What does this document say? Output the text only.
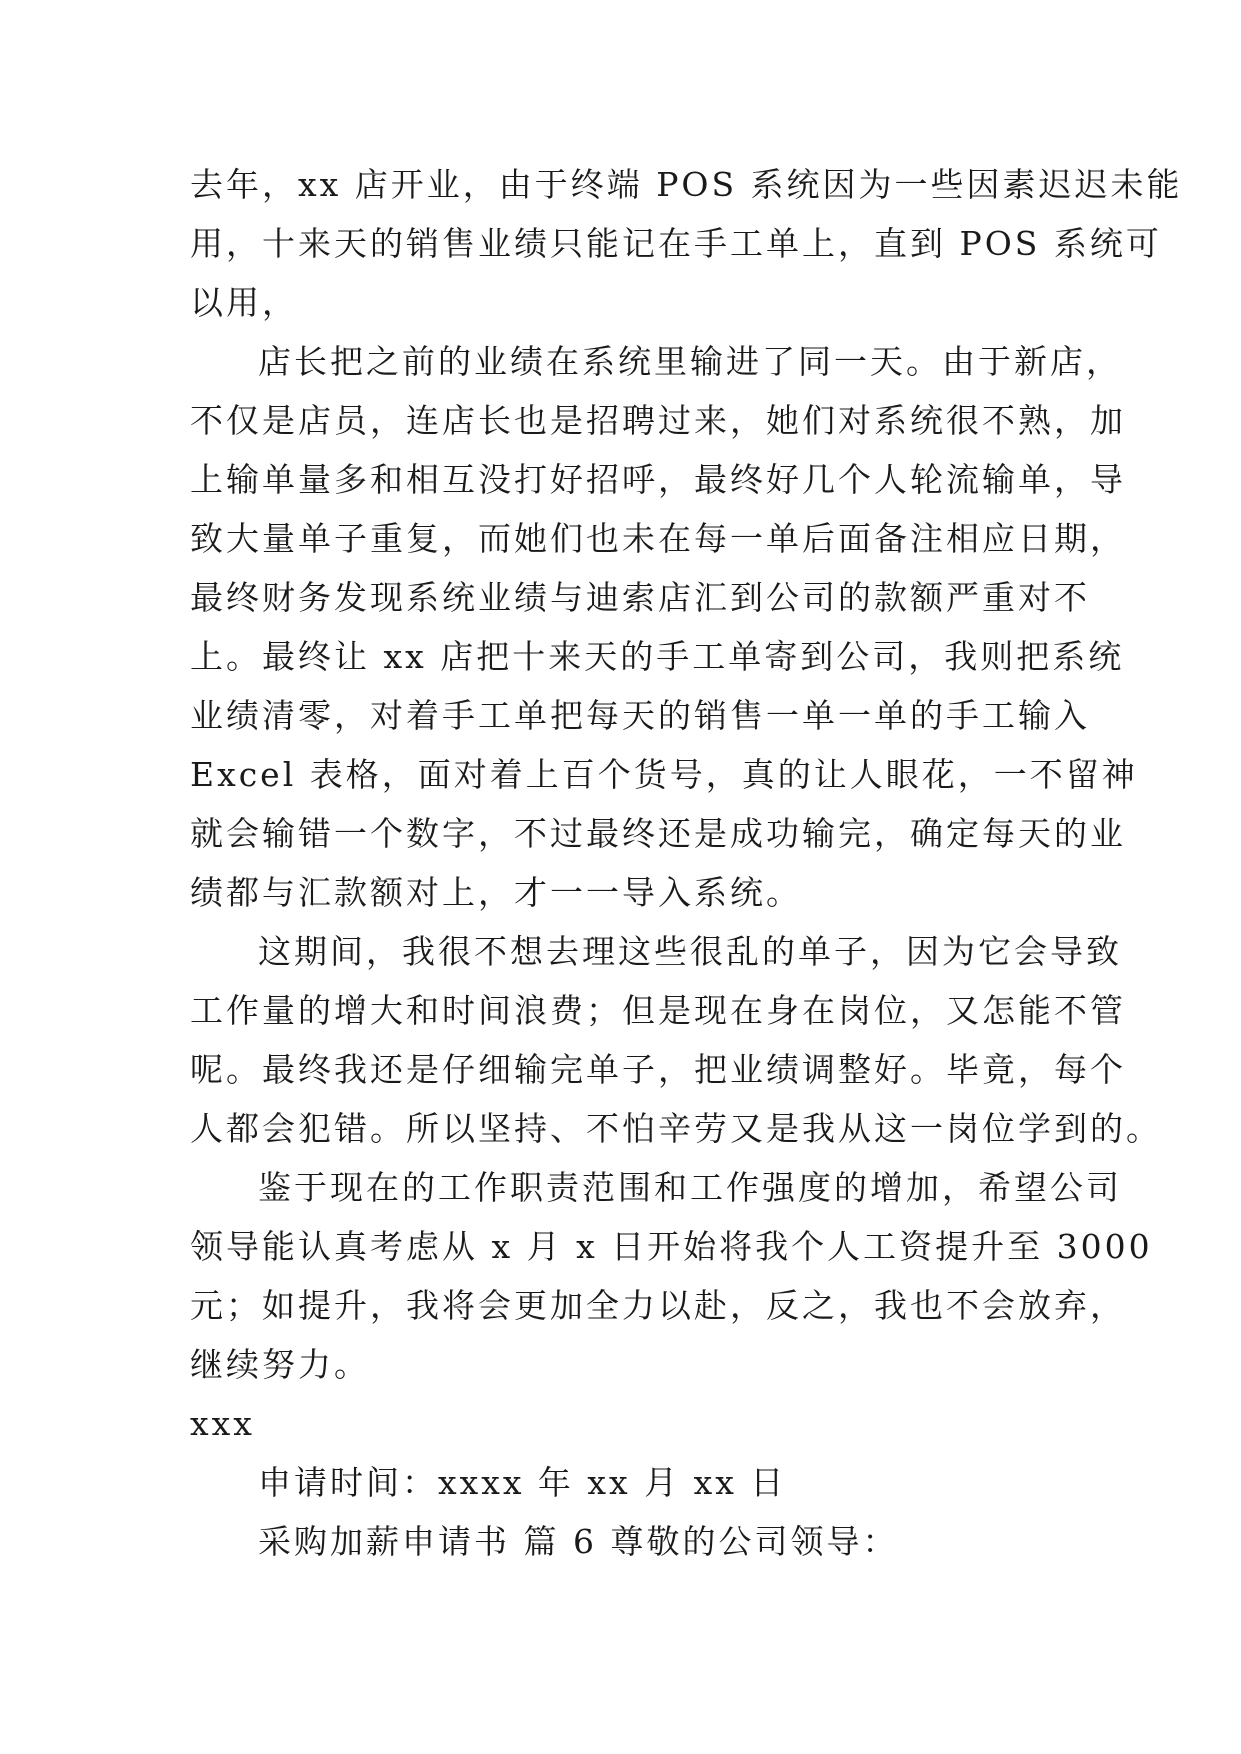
去年，xx 店开业，由于终端 POS 系统因为一些因素迟迟未能

用，十来天的销售业绩只能记在手工单上，直到 POS 系统可

以用，

店长把之前的业绩在系统里输进了同一天。由于新店，

不仅是店员，连店长也是招聘过来，她们对系统很不熟，加

上输单量多和相互没打好招呼，最终好几个人轮流输单，导

致大量单子重复，而她们也未在每一单后面备注相应日期，

最终财务发现系统业绩与迪索店汇到公司的款额严重对不

上。最终让 xx 店把十来天的手工单寄到公司，我则把系统

业绩清零，对着手工单把每天的销售一单一单的手工输入

Excel 表格，面对着上百个货号，真的让人眼花，一不留神

就会输错一个数字，不过最终还是成功输完，确定每天的业

绩都与汇款额对上，才一一导入系统。

这期间，我很不想去理这些很乱的单子，因为它会导致

工作量的增大和时间浪费；但是现在身在岗位，又怎能不管

呢。最终我还是仔细输完单子，把业绩调整好。毕竟，每个

人都会犯错。所以坚持、不怕辛劳又是我从这一岗位学到的。

鉴于现在的工作职责范围和工作强度的增加，希望公司

领导能认真考虑从 x 月 x 日开始将我个人工资提升至 3000

元；如提升，我将会更加全力以赴，反之，我也不会放弃，

继续努力。

xxx

申请时间：xxxx 年 xx 月 xx 日

采购加薪申请书 篇 6 尊敬的公司领导：
